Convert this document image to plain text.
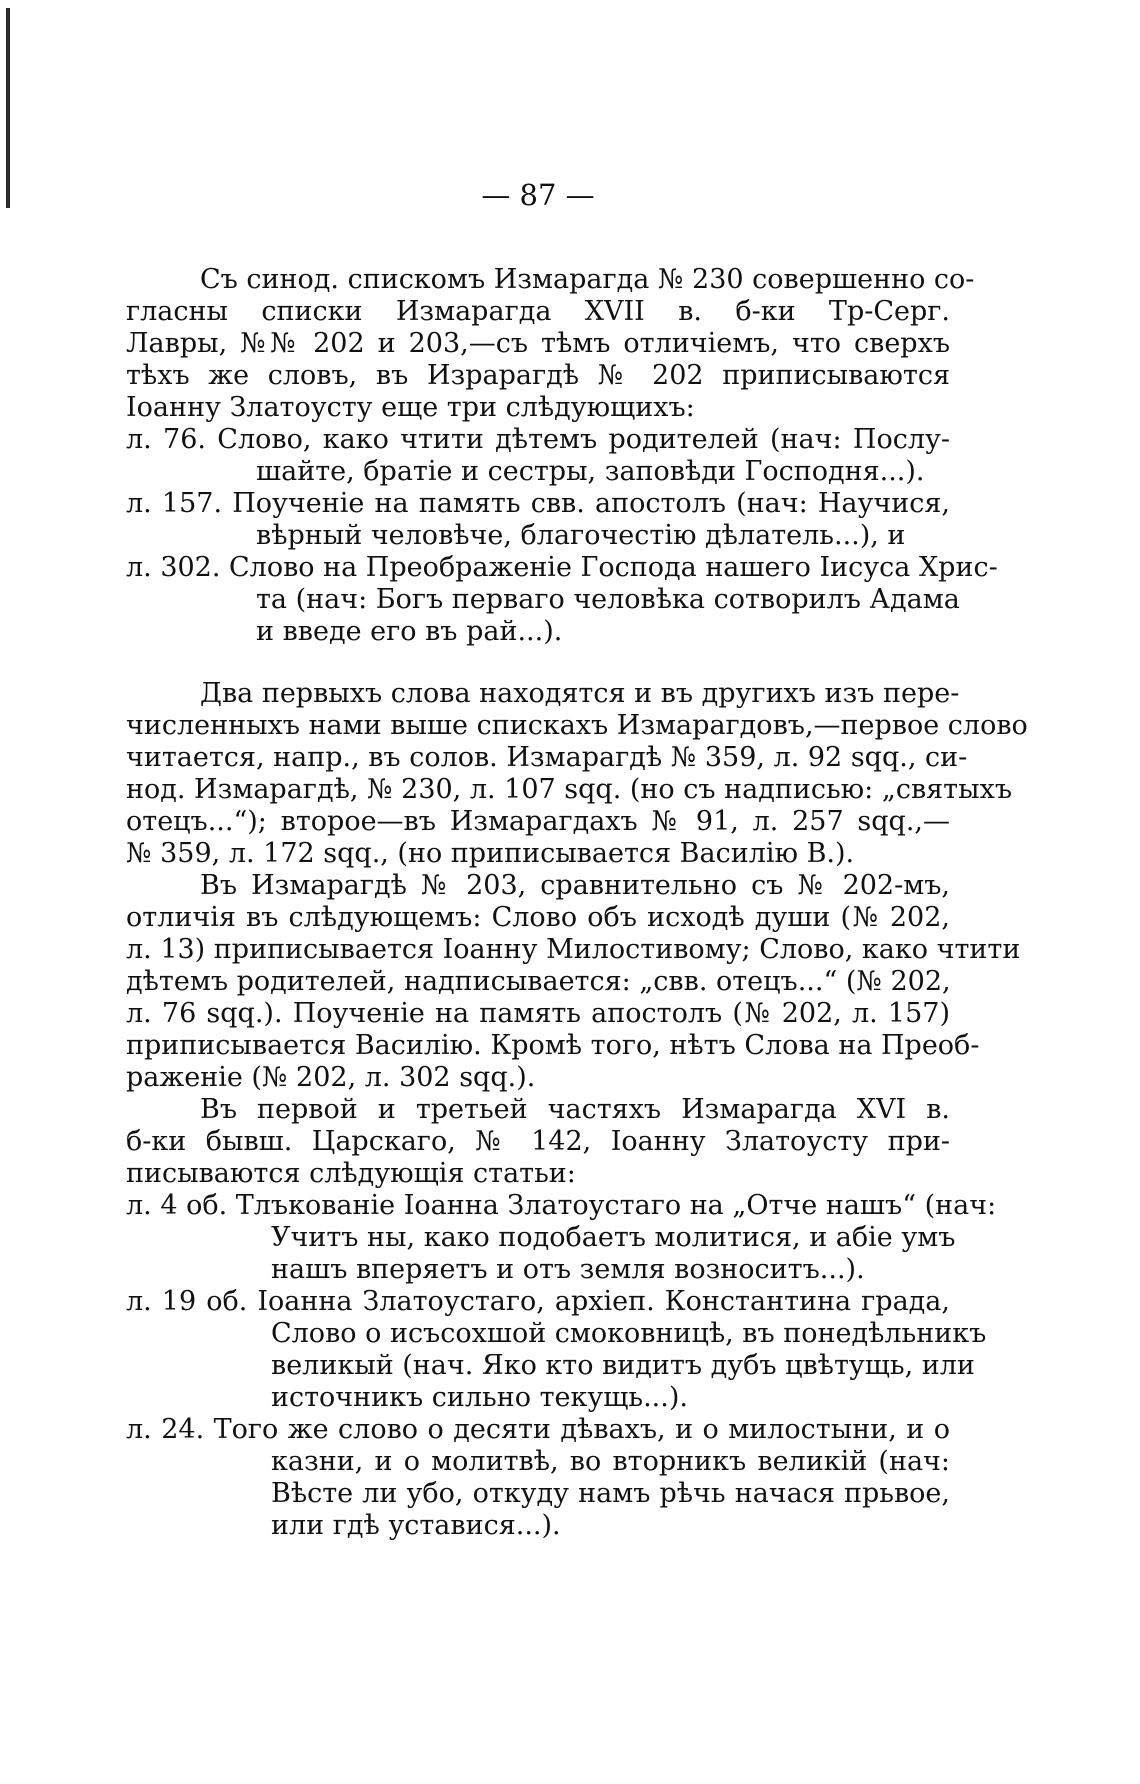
— 87 —
Съ синод. спискомъ Измарагда № 230 совершенно со-
гласны списки Измарагда XVII в. б-ки Тр-Серг.
Лавры, №№ 202 и 203,—съ тѣмъ отличіемъ, что сверхъ
тѣхъ же словъ, въ Изрaрагдѣ № 202 приписываются
Іоанну Златоусту еще три слѣдующихъ:
л. 76. Слово, како чтити дѣтемъ родителей (нач: Послу-
шайте, братіе и сестры, заповѣди Господня...).
л. 157. Поученіе на память свв. апостолъ (нач: Научися,
вѣрный человѣче, благочестію дѣлатель...), и
л. 302. Слово на Преображеніе Господа нашего Іисуса Хрис-
та (нач: Богъ перваго человѣка сотворилъ Адама
и введе его въ рай...).
Два первыхъ слова находятся и въ другихъ изъ пере-
численныхъ нами выше спискахъ Измарагдовъ,—первое слово
читается, напр., въ солов. Измарагдѣ № 359, л. 92 sqq., си-
нод. Измарагдѣ, № 230, л. 107 sqq. (но съ надписью: „святыхъ
отецъ...“); второе—въ Измарагдахъ № 91, л. 257 sqq.,—
№ 359, л. 172 sqq., (но приписывается Василію В.).
Въ Измарагдѣ № 203, сравнительно съ № 202-мъ,
отличія въ слѣдующемъ: Слово объ исходѣ души (№ 202,
л. 13) приписывается Іоанну Милостивому; Слово, како чтити
дѣтемъ родителей, надписывается: „свв. отецъ...“ (№ 202,
л. 76 sqq.). Поученіе на память апостолъ (№ 202, л. 157)
приписывается Василію. Кромѣ того, нѣтъ Слова на Преоб-
раженіе (№ 202, л. 302 sqq.).
Въ первой и третьей частяхъ Измарагда XVI в.
б-ки бывш. Царскаго, № 142, Іоанну Златоусту при-
писываются слѣдующія статьи:
л. 4 об. Тлъкованіе Іоанна Златоустаго на „Отче нашъ“ (нач:
Учитъ ны, како подобаетъ молитися, и абіе умъ
нашъ вперяетъ и отъ земля возноситъ...).
л. 19 об. Іоанна Златоустаго, архіеп. Константина града,
Слово о исъсохшой смоковницѣ, въ понедѣльникъ
великый (нач. Яко кто видитъ дубъ цвѣтущь, или
источникъ сильно текущь...).
л. 24. Того же слово о десяти дѣвахъ, и о милостыни, и о
казни, и о молитвѣ, во вторникъ великій (нач:
Вѣсте ли убо, откуду намъ рѣчь начася прьвое,
или гдѣ уставися...).
